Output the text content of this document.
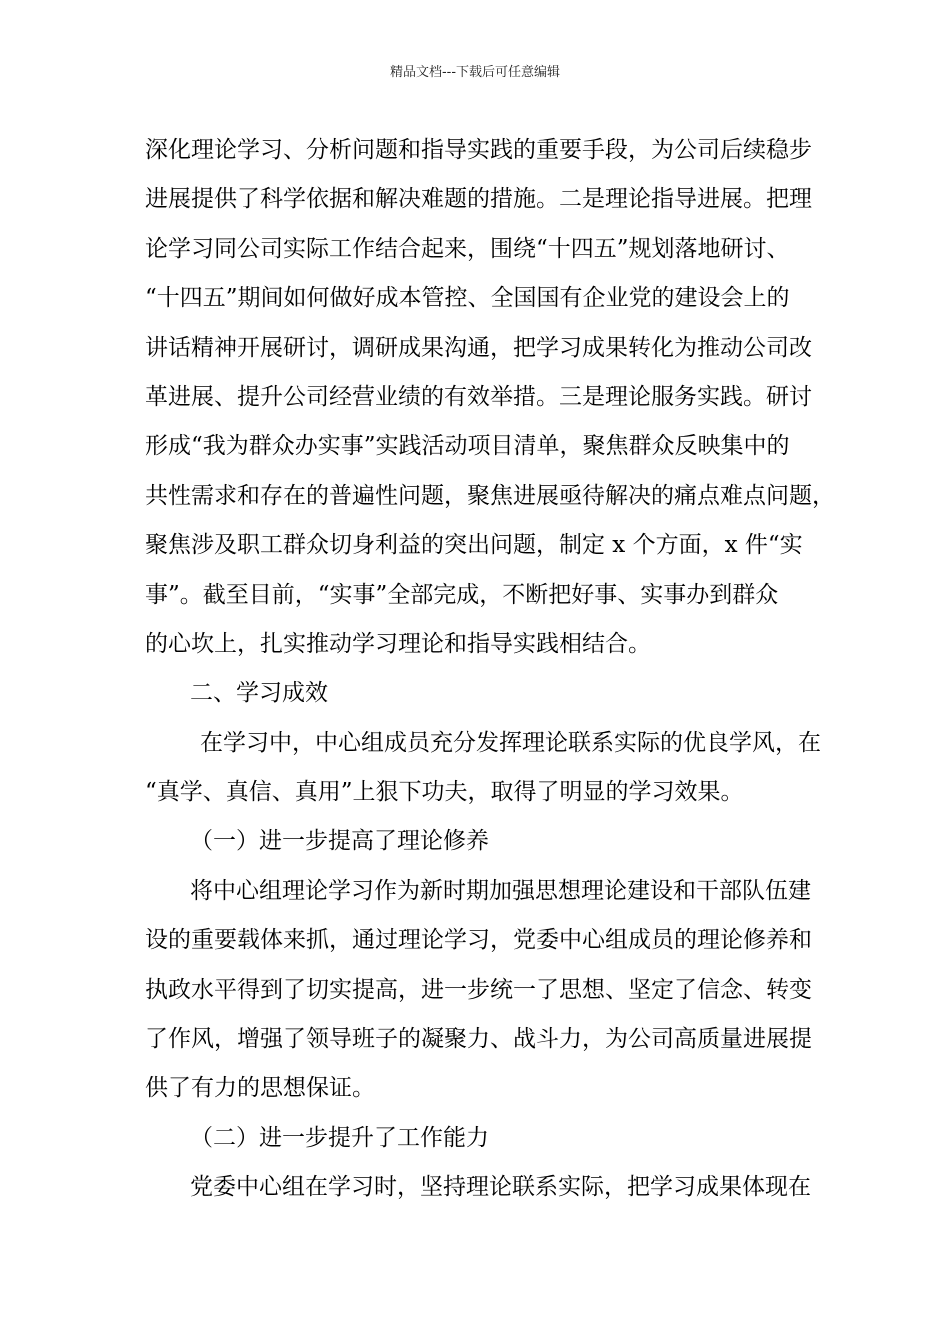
精品文档---下载后可任意编辑
深化理论学习、分析问题和指导实践的重要手段，为公司后续稳步
进展提供了科学依据和解决难题的措施。二是理论指导进展。把理
论学习同公司实际工作结合起来，围绕“十四五”规划落地研讨、
“十四五”期间如何做好成本管控、全国国有企业党的建设会上的
讲话精神开展研讨，调研成果沟通，把学习成果转化为推动公司改
革进展、提升公司经营业绩的有效举措。三是理论服务实践。研讨
形成“我为群众办实事”实践活动项目清单，聚焦群众反映集中的
共性需求和存在的普遍性问题，聚焦进展亟待解决的痛点难点问题，
聚焦涉及职工群众切身利益的突出问题，制定 x 个方面，x 件“实
事”。截至目前，“实事”全部完成，不断把好事、实事办到群众
的心坎上，扎实推动学习理论和指导实践相结合。
二、学习成效
在学习中，中心组成员充分发挥理论联系实际的优良学风，在
“真学、真信、真用”上狠下功夫，取得了明显的学习效果。
（一）进一步提高了理论修养
将中心组理论学习作为新时期加强思想理论建设和干部队伍建
设的重要载体来抓，通过理论学习，党委中心组成员的理论修养和
执政水平得到了切实提高，进一步统一了思想、坚定了信念、转变
了作风，增强了领导班子的凝聚力、战斗力，为公司高质量进展提
供了有力的思想保证。
（二）进一步提升了工作能力
党委中心组在学习时，坚持理论联系实际，把学习成果体现在
